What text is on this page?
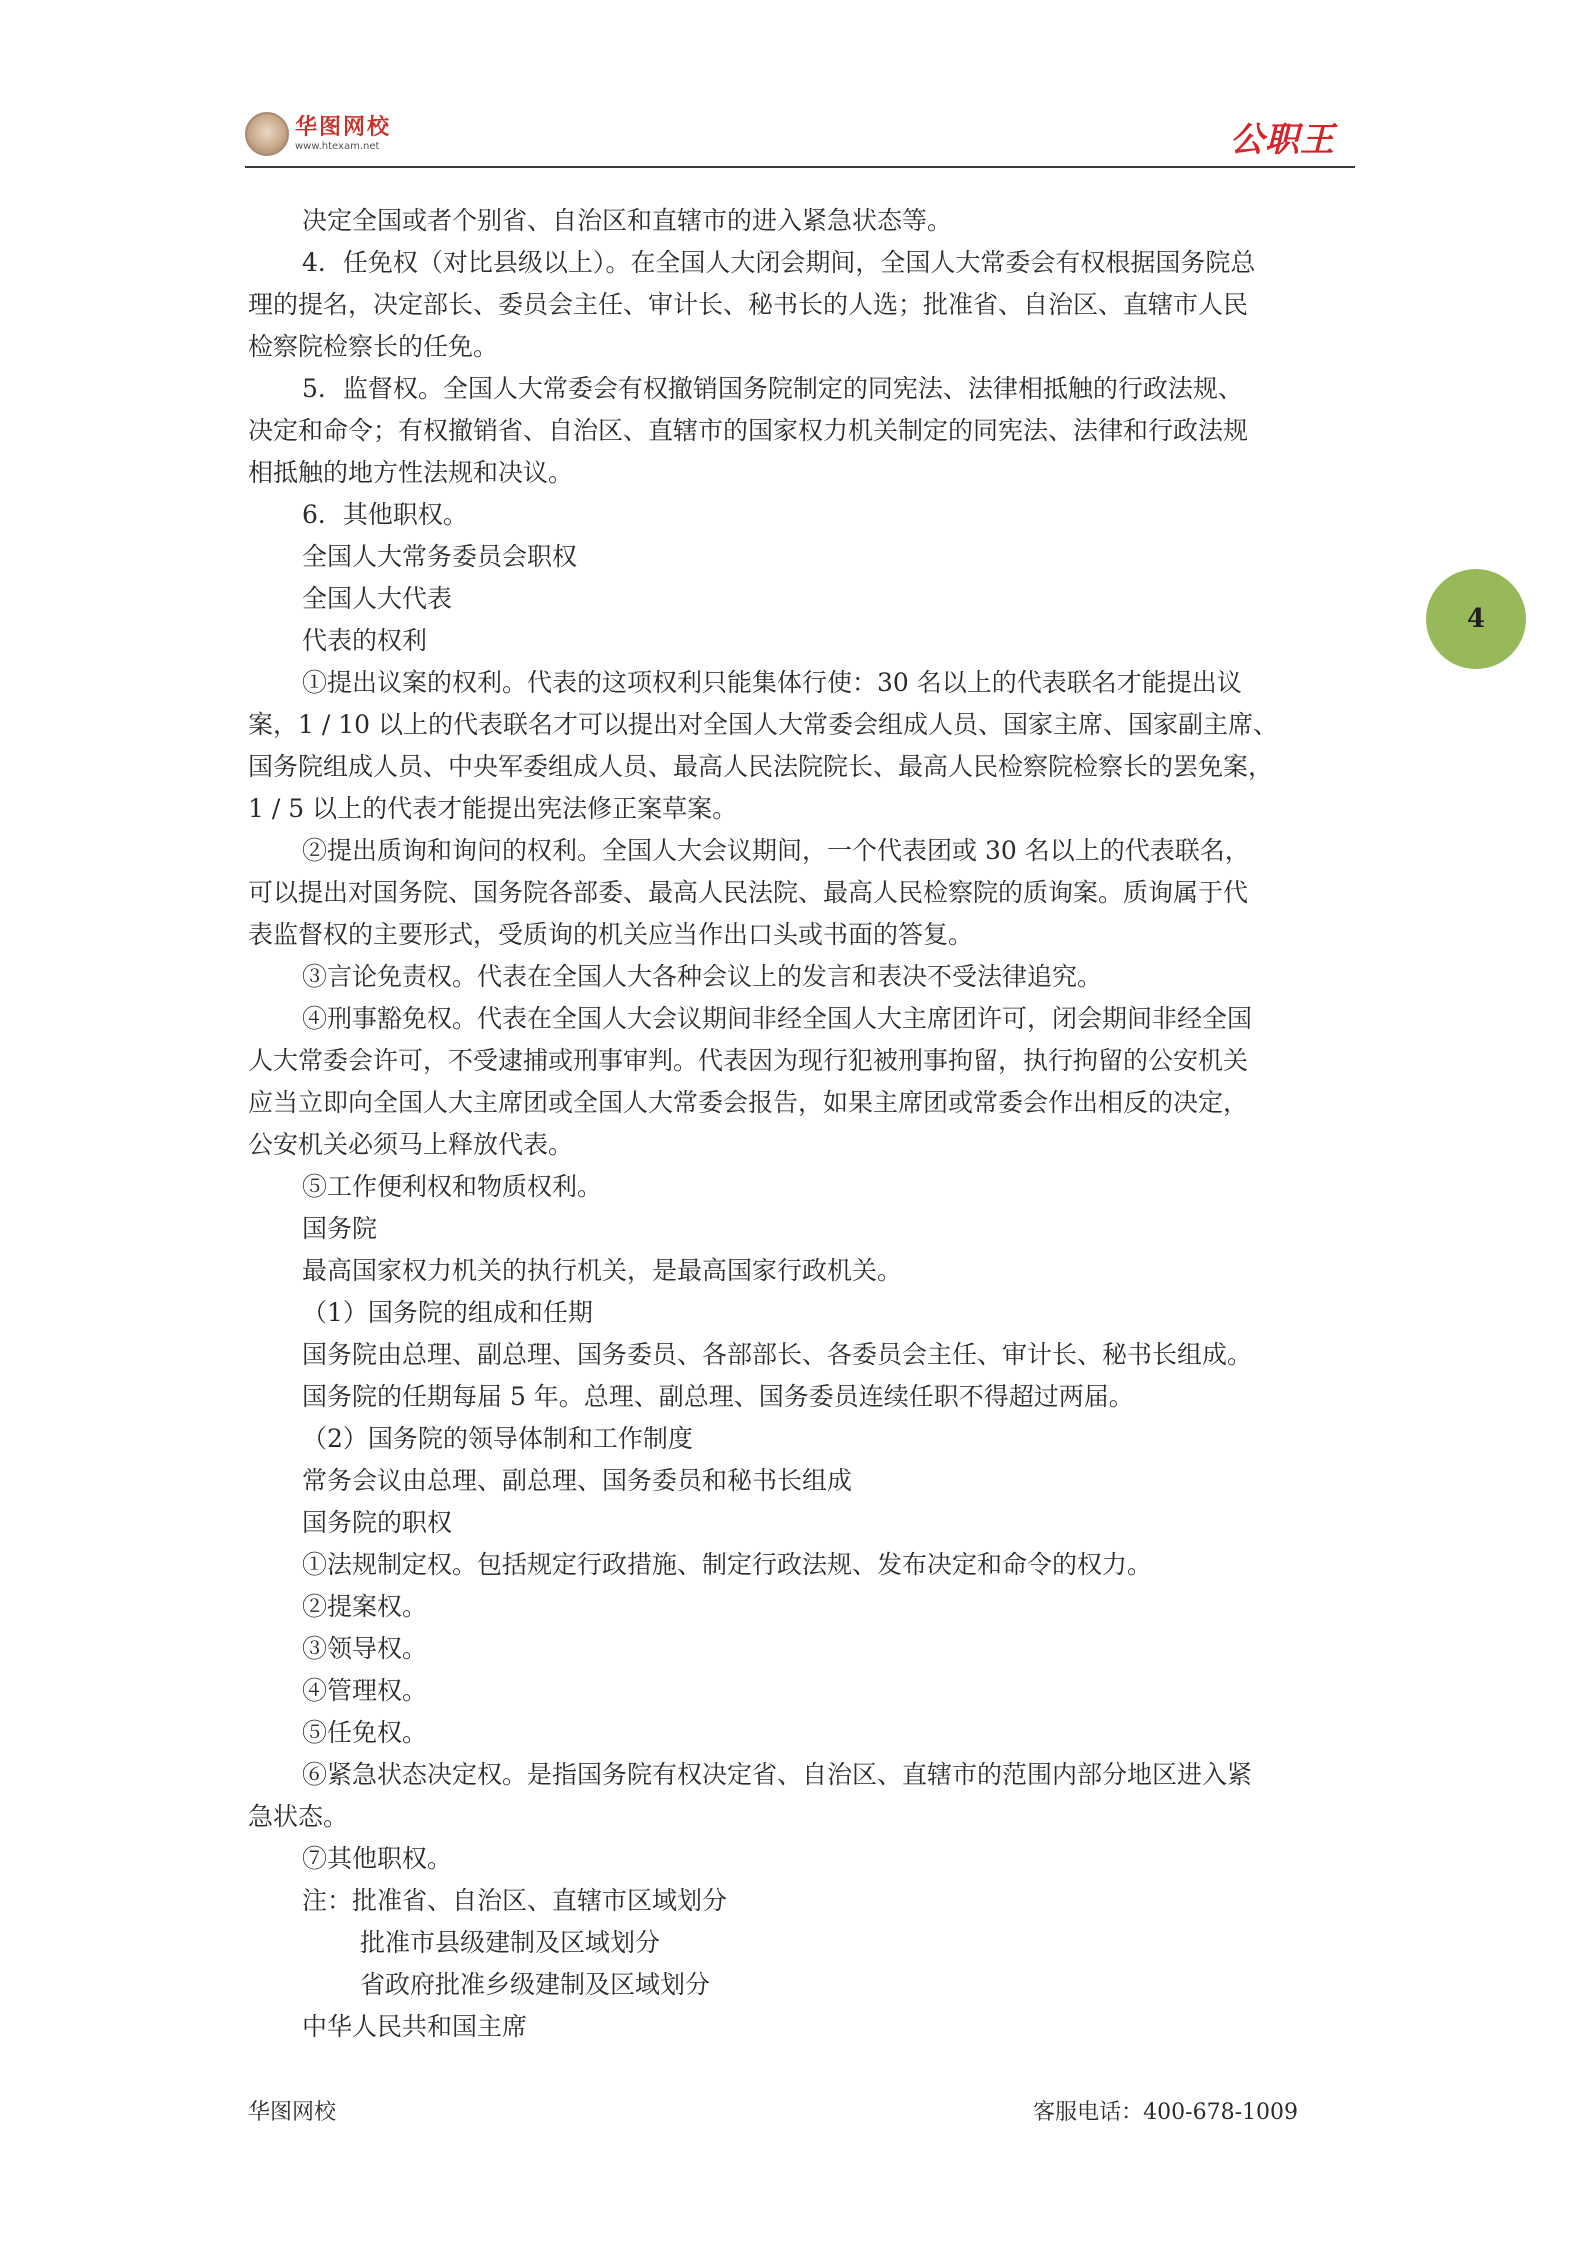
华图网校
www.htexam.net	公职王
4
决定全国或者个别省、自治区和直辖市的进入紧急状态等。
4．任免权（对比县级以上）。在全国人大闭会期间，全国人大常委会有权根据国务院总
理的提名，决定部长、委员会主任、审计长、秘书长的人选；批准省、自治区、直辖市人民
检察院检察长的任免。
5．监督权。全国人大常委会有权撤销国务院制定的同宪法、法律相抵触的行政法规、
决定和命令；有权撤销省、自治区、直辖市的国家权力机关制定的同宪法、法律和行政法规
相抵触的地方性法规和决议。
6．其他职权。
全国人大常务委员会职权
全国人大代表
代表的权利
①提出议案的权利。代表的这项权利只能集体行使：30 名以上的代表联名才能提出议
案，1 / 10 以上的代表联名才可以提出对全国人大常委会组成人员、国家主席、国家副主席、
国务院组成人员、中央军委组成人员、最高人民法院院长、最高人民检察院检察长的罢免案，
1 / 5 以上的代表才能提出宪法修正案草案。
②提出质询和询问的权利。全国人大会议期间，一个代表团或 30 名以上的代表联名，
可以提出对国务院、国务院各部委、最高人民法院、最高人民检察院的质询案。质询属于代
表监督权的主要形式，受质询的机关应当作出口头或书面的答复。
③言论免责权。代表在全国人大各种会议上的发言和表决不受法律追究。
④刑事豁免权。代表在全国人大会议期间非经全国人大主席团许可，闭会期间非经全国
人大常委会许可，不受逮捕或刑事审判。代表因为现行犯被刑事拘留，执行拘留的公安机关
应当立即向全国人大主席团或全国人大常委会报告，如果主席团或常委会作出相反的决定，
公安机关必须马上释放代表。
⑤工作便利权和物质权利。
国务院
最高国家权力机关的执行机关，是最高国家行政机关。
（1）国务院的组成和任期
国务院由总理、副总理、国务委员、各部部长、各委员会主任、审计长、秘书长组成。
国务院的任期每届 5 年。总理、副总理、国务委员连续任职不得超过两届。
（2）国务院的领导体制和工作制度
常务会议由总理、副总理、国务委员和秘书长组成
国务院的职权
①法规制定权。包括规定行政措施、制定行政法规、发布决定和命令的权力。
②提案权。
③领导权。
④管理权。
⑤任免权。
⑥紧急状态决定权。是指国务院有权决定省、自治区、直辖市的范围内部分地区进入紧
急状态。
⑦其他职权。
注：批准省、自治区、直辖市区域划分
批准市县级建制及区域划分
省政府批准乡级建制及区域划分
中华人民共和国主席
华图网校	客服电话：400-678-1009
